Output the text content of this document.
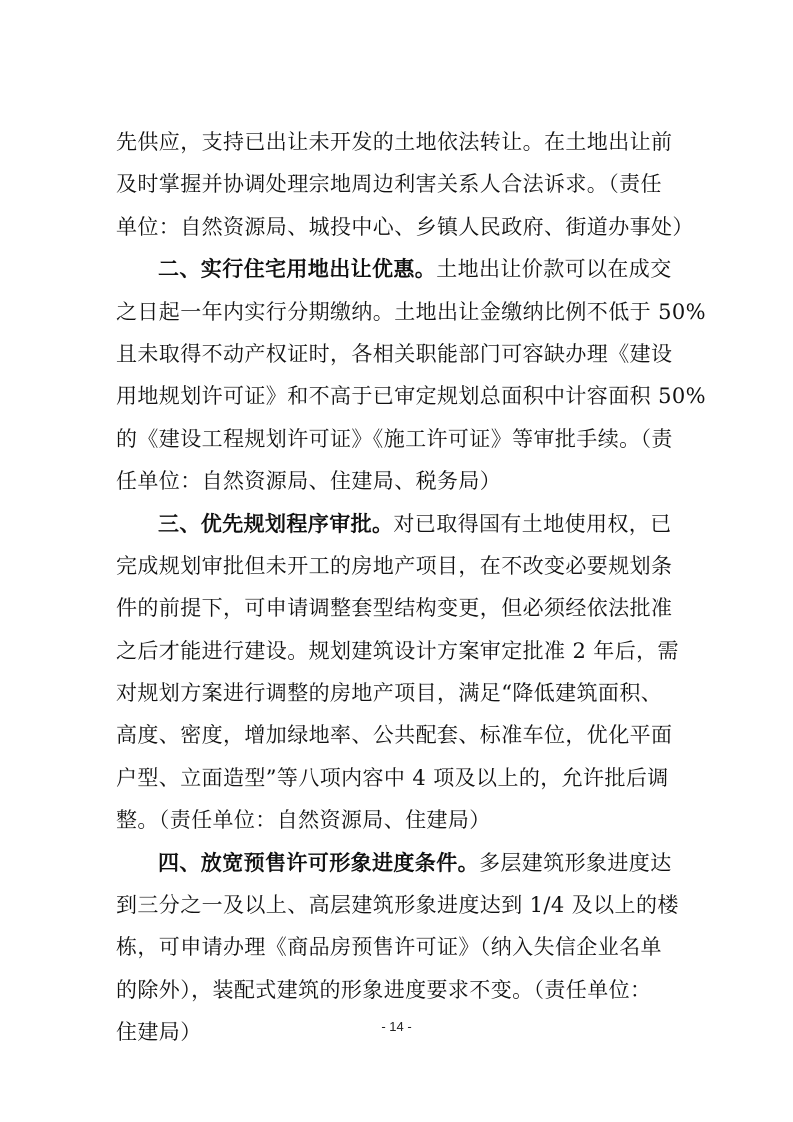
先供应，支持已出让未开发的土地依法转让。在土地出让前
及时掌握并协调处理宗地周边利害关系人合法诉求。（责任
单位：自然资源局、城投中心、乡镇人民政府、街道办事处）
二、实行住宅用地出让优惠。土地出让价款可以在成交
之日起一年内实行分期缴纳。土地出让金缴纳比例不低于 50%
且未取得不动产权证时，各相关职能部门可容缺办理《建设
用地规划许可证》和不高于已审定规划总面积中计容面积 50%
的《建设工程规划许可证》《施工许可证》等审批手续。（责
任单位：自然资源局、住建局、税务局）
三、优先规划程序审批。对已取得国有土地使用权，已
完成规划审批但未开工的房地产项目，在不改变必要规划条
件的前提下，可申请调整套型结构变更，但必须经依法批准
之后才能进行建设。规划建筑设计方案审定批准 2 年后，需
对规划方案进行调整的房地产项目，满足“降低建筑面积、
高度、密度，增加绿地率、公共配套、标准车位，优化平面
户型、立面造型”等八项内容中 4 项及以上的，允许批后调
整。（责任单位：自然资源局、住建局）
四、放宽预售许可形象进度条件。多层建筑形象进度达
到三分之一及以上、高层建筑形象进度达到 1/4 及以上的楼
栋，可申请办理《商品房预售许可证》（纳入失信企业名单
的除外），装配式建筑的形象进度要求不变。（责任单位：
住建局）	- 14 -
